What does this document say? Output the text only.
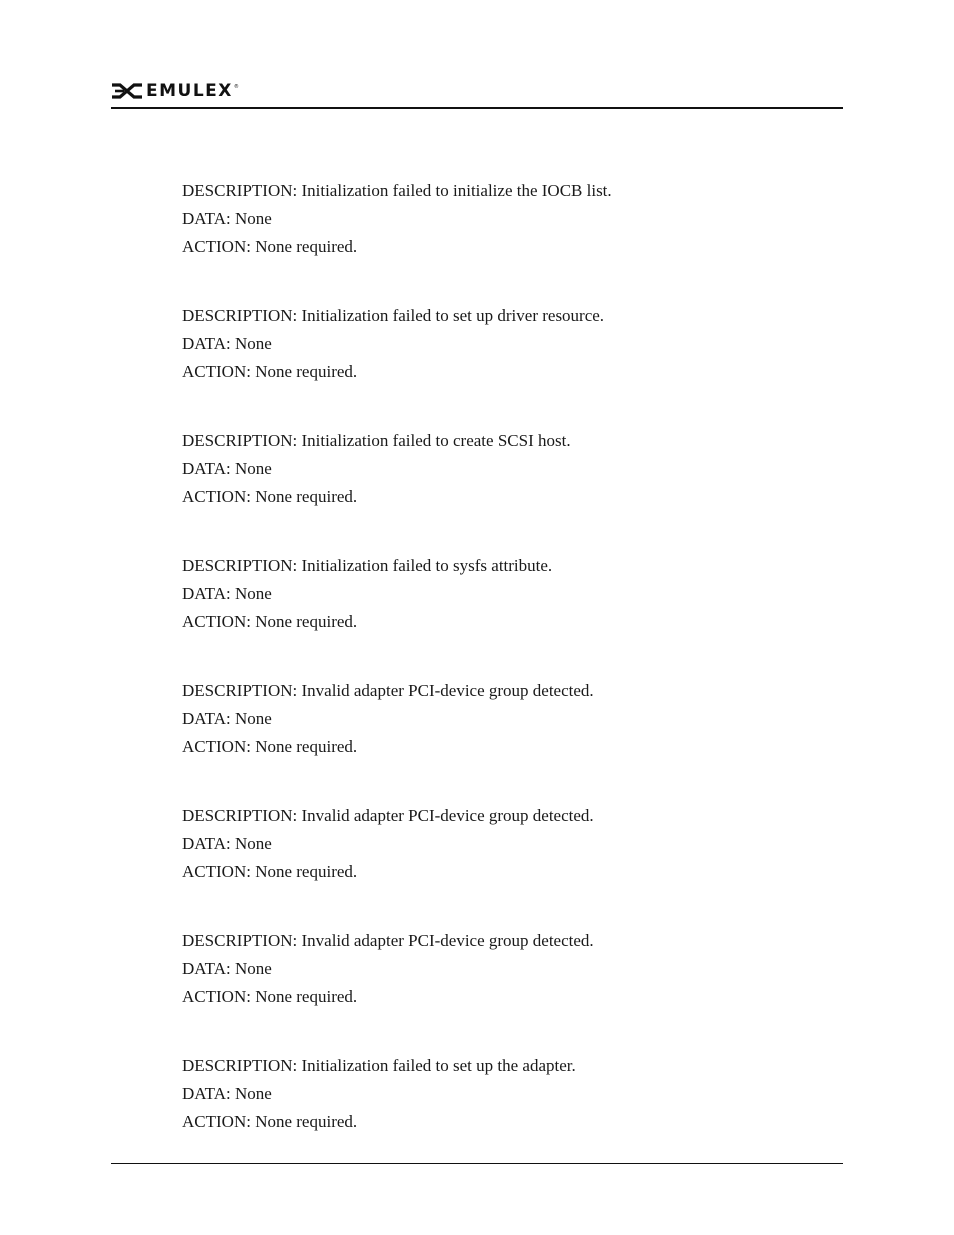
EMULEX ®
DESCRIPTION: Initialization failed to initialize the IOCB list.
DATA: None
ACTION: None required.
DESCRIPTION: Initialization failed to set up driver resource.
DATA: None
ACTION: None required.
DESCRIPTION: Initialization failed to create SCSI host.
DATA: None
ACTION: None required.
DESCRIPTION: Initialization failed to sysfs attribute.
DATA: None
ACTION: None required.
DESCRIPTION: Invalid adapter PCI-device group detected.
DATA: None
ACTION: None required.
DESCRIPTION: Invalid adapter PCI-device group detected.
DATA: None
ACTION: None required.
DESCRIPTION: Invalid adapter PCI-device group detected.
DATA: None
ACTION: None required.
DESCRIPTION: Initialization failed to set up the adapter.
DATA: None
ACTION: None required.
